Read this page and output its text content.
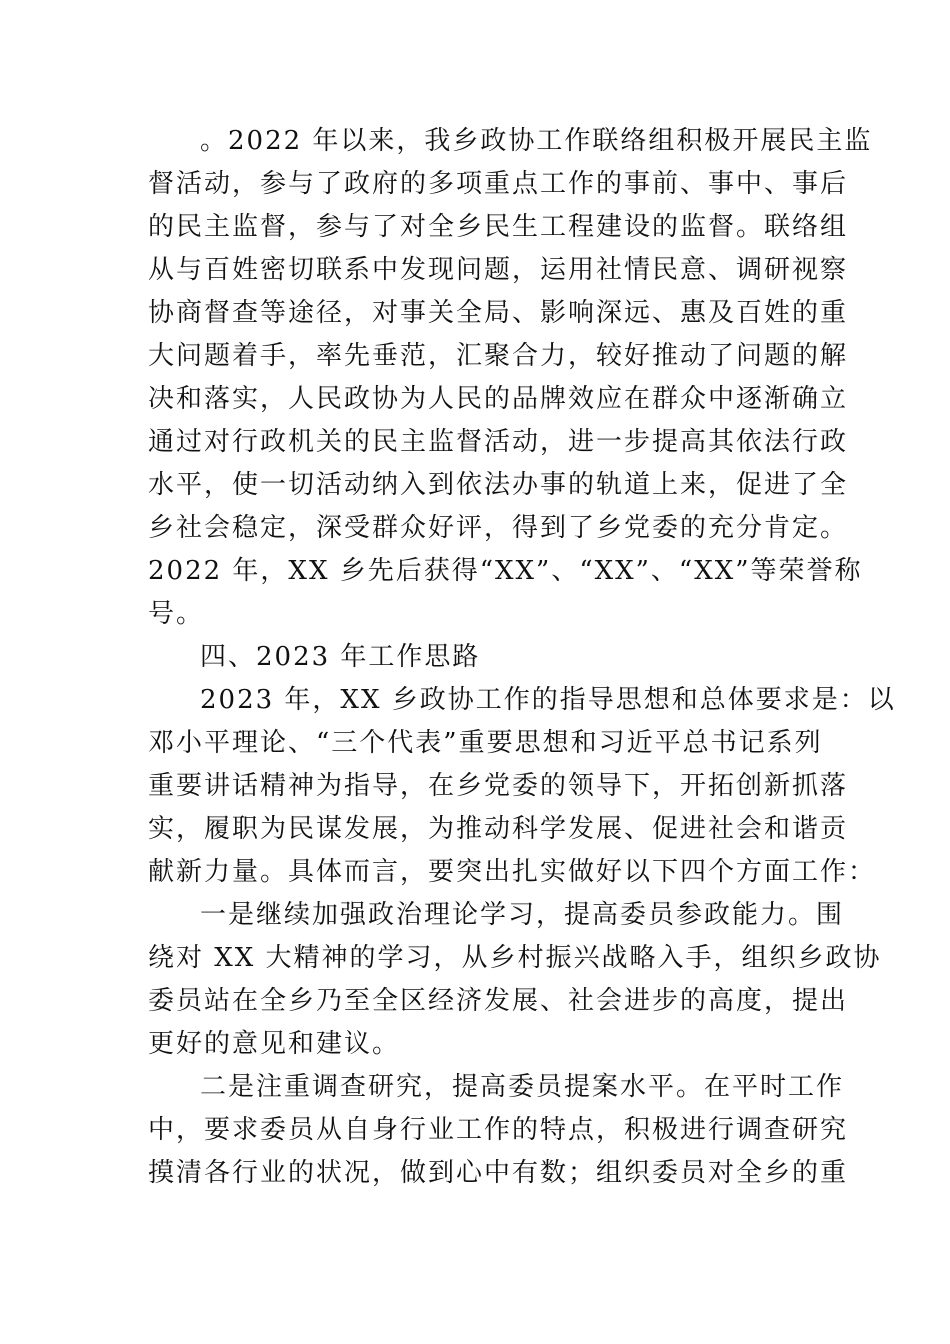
。2022 年以来，我乡政协工作联络组积极开展民主监
督活动，参与了政府的多项重点工作的事前、事中、事后
的民主监督，参与了对全乡民生工程建设的监督。联络组
从与百姓密切联系中发现问题，运用社情民意、调研视察
协商督查等途径，对事关全局、影响深远、惠及百姓的重
大问题着手，率先垂范，汇聚合力，较好推动了问题的解
决和落实，人民政协为人民的品牌效应在群众中逐渐确立
通过对行政机关的民主监督活动，进一步提高其依法行政
水平，使一切活动纳入到依法办事的轨道上来，促进了全
乡社会稳定，深受群众好评，得到了乡党委的充分肯定。
2022 年，XX 乡先后获得“XX”、“XX”、“XX”等荣誉称
号。
四、2023 年工作思路
2023 年，XX 乡政协工作的指导思想和总体要求是：以
邓小平理论、“三个代表”重要思想和习近平总书记系列
重要讲话精神为指导，在乡党委的领导下，开拓创新抓落
实，履职为民谋发展，为推动科学发展、促进社会和谐贡
献新力量。具体而言，要突出扎实做好以下四个方面工作：
一是继续加强政治理论学习，提高委员参政能力。围
绕对 XX 大精神的学习，从乡村振兴战略入手，组织乡政协
委员站在全乡乃至全区经济发展、社会进步的高度，提出
更好的意见和建议。
二是注重调查研究，提高委员提案水平。在平时工作
中，要求委员从自身行业工作的特点，积极进行调查研究
摸清各行业的状况，做到心中有数；组织委员对全乡的重
